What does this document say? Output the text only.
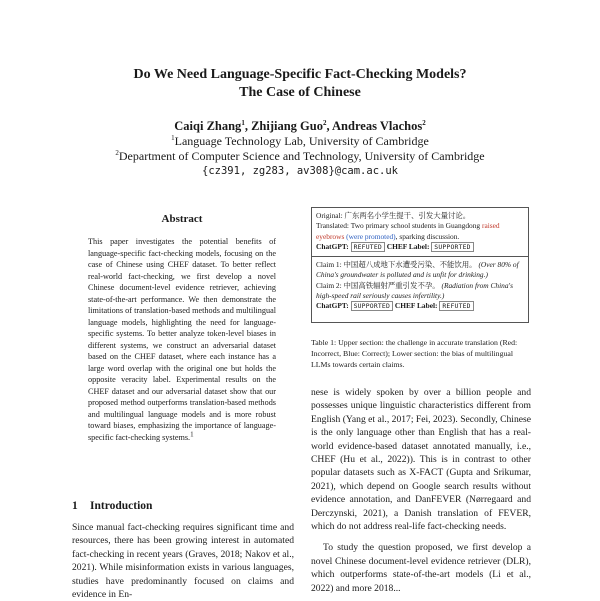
Do We Need Language-Specific Fact-Checking Models?
The Case of Chinese
Caiqi Zhang$^1$, Zhijiang Guo$^2$, Andreas Vlachos$^2$
$^1$Language Technology Lab, University of Cambridge
$^2$Department of Computer Science and Technology, University of Cambridge
{cz391, zg283, av308}@cam.ac.uk
Abstract
This paper investigates the potential benefits of language-specific fact-checking models, focusing on the case of Chinese using CHEF dataset. To better reflect real-world fact-checking, we first develop a novel Chinese document-level evidence retriever, achieving state-of-the-art performance. We then demonstrate the limitations of translation-based methods and multilingual language models, highlighting the need for language-specific systems. To better analyze token-level biases in different systems, we construct an adversarial dataset based on the CHEF dataset, where each instance has a large word overlap with the original one but holds the opposite veracity label. Experimental results on the CHEF dataset and our adversarial dataset show that our proposed method outperforms translation-based methods and multilingual language models and is more robust toward biases, emphasizing the importance of language-specific fact-checking systems.$^1$
1 Introduction
Since manual fact-checking requires significant time and resources, there has been growing interest in automated fact-checking in recent years (Graves, 2018; Nakov et al., 2021). While misinformation exists in various languages, studies have predominantly focused on claims and evidence in En-
Original: 广东两名小学生提干、引发大量讨论。
Translated: Two primary school students in Guangdong raised eyebrows (were promoted), sparking discussion.
ChatGPT: REFUTED CHEF Label: SUPPORTED
Claim 1: 中国超八成地下水遭受污染、不能饮用。 (Over 80% of China's groundwater is polluted and is unfit for drinking.)
Claim 2: 中国高铁辐射严重引发不孕。 (Radiation from China's high-speed rail seriously causes infertility.)
ChatGPT: SUPPORTED CHEF Label: REFUTED
Table 1: Upper section: the challenge in accurate translation (Red: Incorrect, Blue: Correct); Lower section: the bias of multilingual LLMs towards certain claims.

nese is widely spoken by over a billion people and possesses unique linguistic characteristics different from English (Yang et al., 2017; Fei, 2023). Secondly, Chinese is the only language other than English that has a real-world evidence-based dataset annotated manually, i.e., CHEF (Hu et al., 2022)). This is in contrast to other popular datasets such as X-FACT (Gupta and Srikumar, 2021), which depend on Google search results without evidence annotation, and DanFEVER (Nørregaard and Derczynski, 2021), a Danish translation of FEVER, which do not address real-life fact-checking needs.

To study the question proposed, we first develop a novel Chinese document-level evidence retriever (DLR), which outperforms state-of-the-art models (Li et al., 2022) and more 2018...
